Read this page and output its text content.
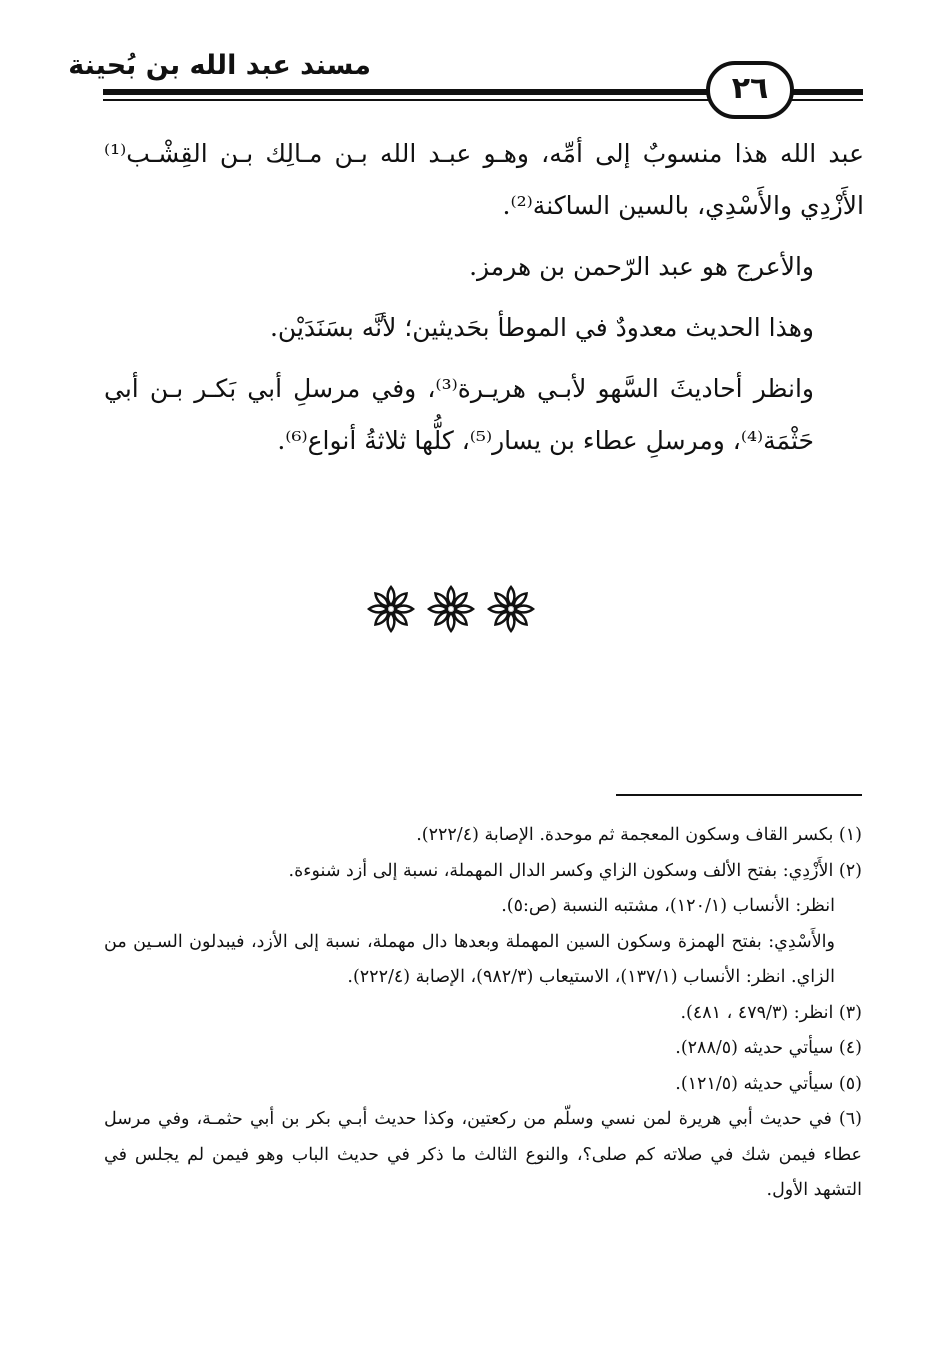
مسند عبد الله بن بُحينة
٢٦

عبد الله هذا منسوبٌ إلى أمِّه، وهـو عبـد الله بـن مـالِك بـن القِشْـب⁽¹⁾ الأَزْدِي والأَسْدِي، بالسين الساكنة⁽²⁾.

والأعرج هو عبد الرّحمن بن هرمز.

وهذا الحديث معدودٌ في الموطأ بحَديثين؛ لأنَّه بسَنَدَيْن.

وانظر أحاديثَ السَّهو لأبـي هريـرة⁽³⁾، وفي مرسلِ أبي بَكـر بـن أبي حَثْمَة⁽⁴⁾، ومرسلِ عطاء بن يسار⁽⁵⁾، كلُّها ثلاثةُ أنواع⁽⁶⁾.

(١) بكسر القاف وسكون المعجمة ثم موحدة. الإصابة (٢٢٢/٤).

(٢) الأَزْدِي: بفتح الألف وسكون الزاي وكسر الدال المهملة، نسبة إلى أزد شنوءة.

انظر: الأنساب (١٢٠/١)، مشتبه النسبة (ص:٥).

والأَسْدِي: بفتح الهمزة وسكون السين المهملة وبعدها دال مهملة، نسبة إلى الأزد، فيبدلون السـين من الزاي. انظر: الأنساب (١٣٧/١)، الاستيعاب (٩٨٢/٣)، الإصابة (٢٢٢/٤).

(٣) انظر: (٤٧٩/٣ ، ٤٨١).

(٤) سيأتي حديثه (٢٨٨/٥).

(٥) سيأتي حديثه (١٢١/٥).

(٦) في حديث أبي هريرة لمن نسي وسلّم من ركعتين، وكذا حديث أبـي بكر بن أبي حثمـة، وفي مرسل عطاء فيمن شك في صلاته كم صلى؟، والنوع الثالث ما ذكر في حديث الباب وهو فيمن لم يجلس في التشهد الأول.
